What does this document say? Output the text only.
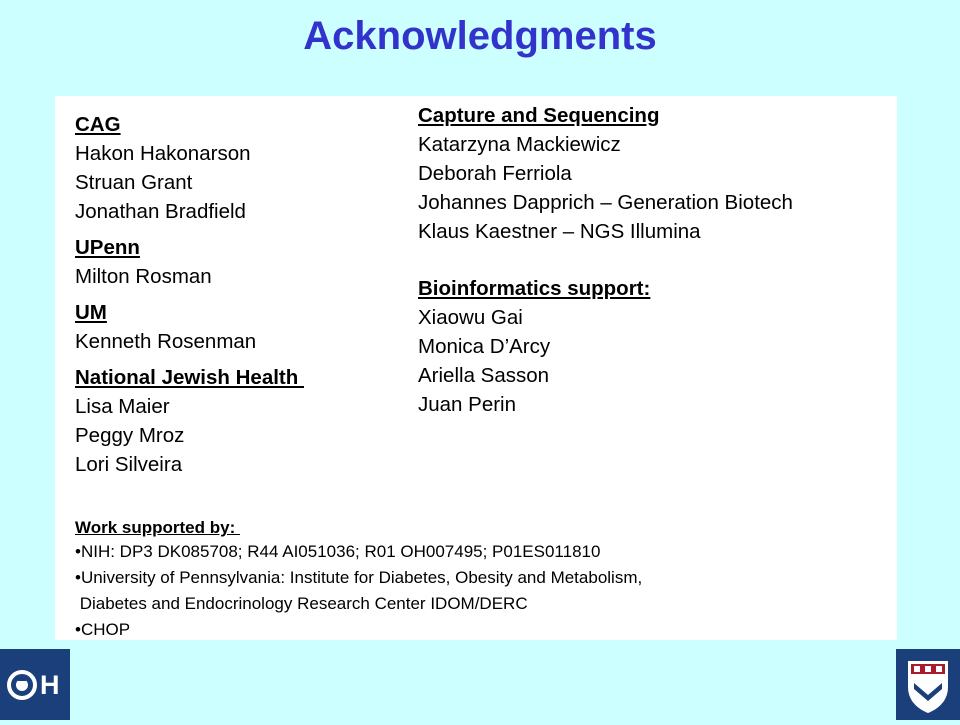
Acknowledgments
CAG
Hakon Hakonarson
Struan Grant
Jonathan Bradfield
UPenn
Milton Rosman
UM
Kenneth Rosenman
National Jewish Health
Lisa Maier
Peggy Mroz
Lori Silveira
Capture and Sequencing
Katarzyna Mackiewicz
Deborah Ferriola
Johannes Dapprich – Generation Biotech
Klaus Kaestner – NGS Illumina
Bioinformatics support:
Xiaowu Gai
Monica D’Arcy
Ariella Sasson
Juan Perin
Work supported by:
•NIH: DP3 DK085708; R44 AI051036; R01 OH007495; P01ES011810
•University of Pennsylvania: Institute for Diabetes, Obesity and Metabolism,
Diabetes and Endocrinology Research Center IDOM/DERC
•CHOP
H
